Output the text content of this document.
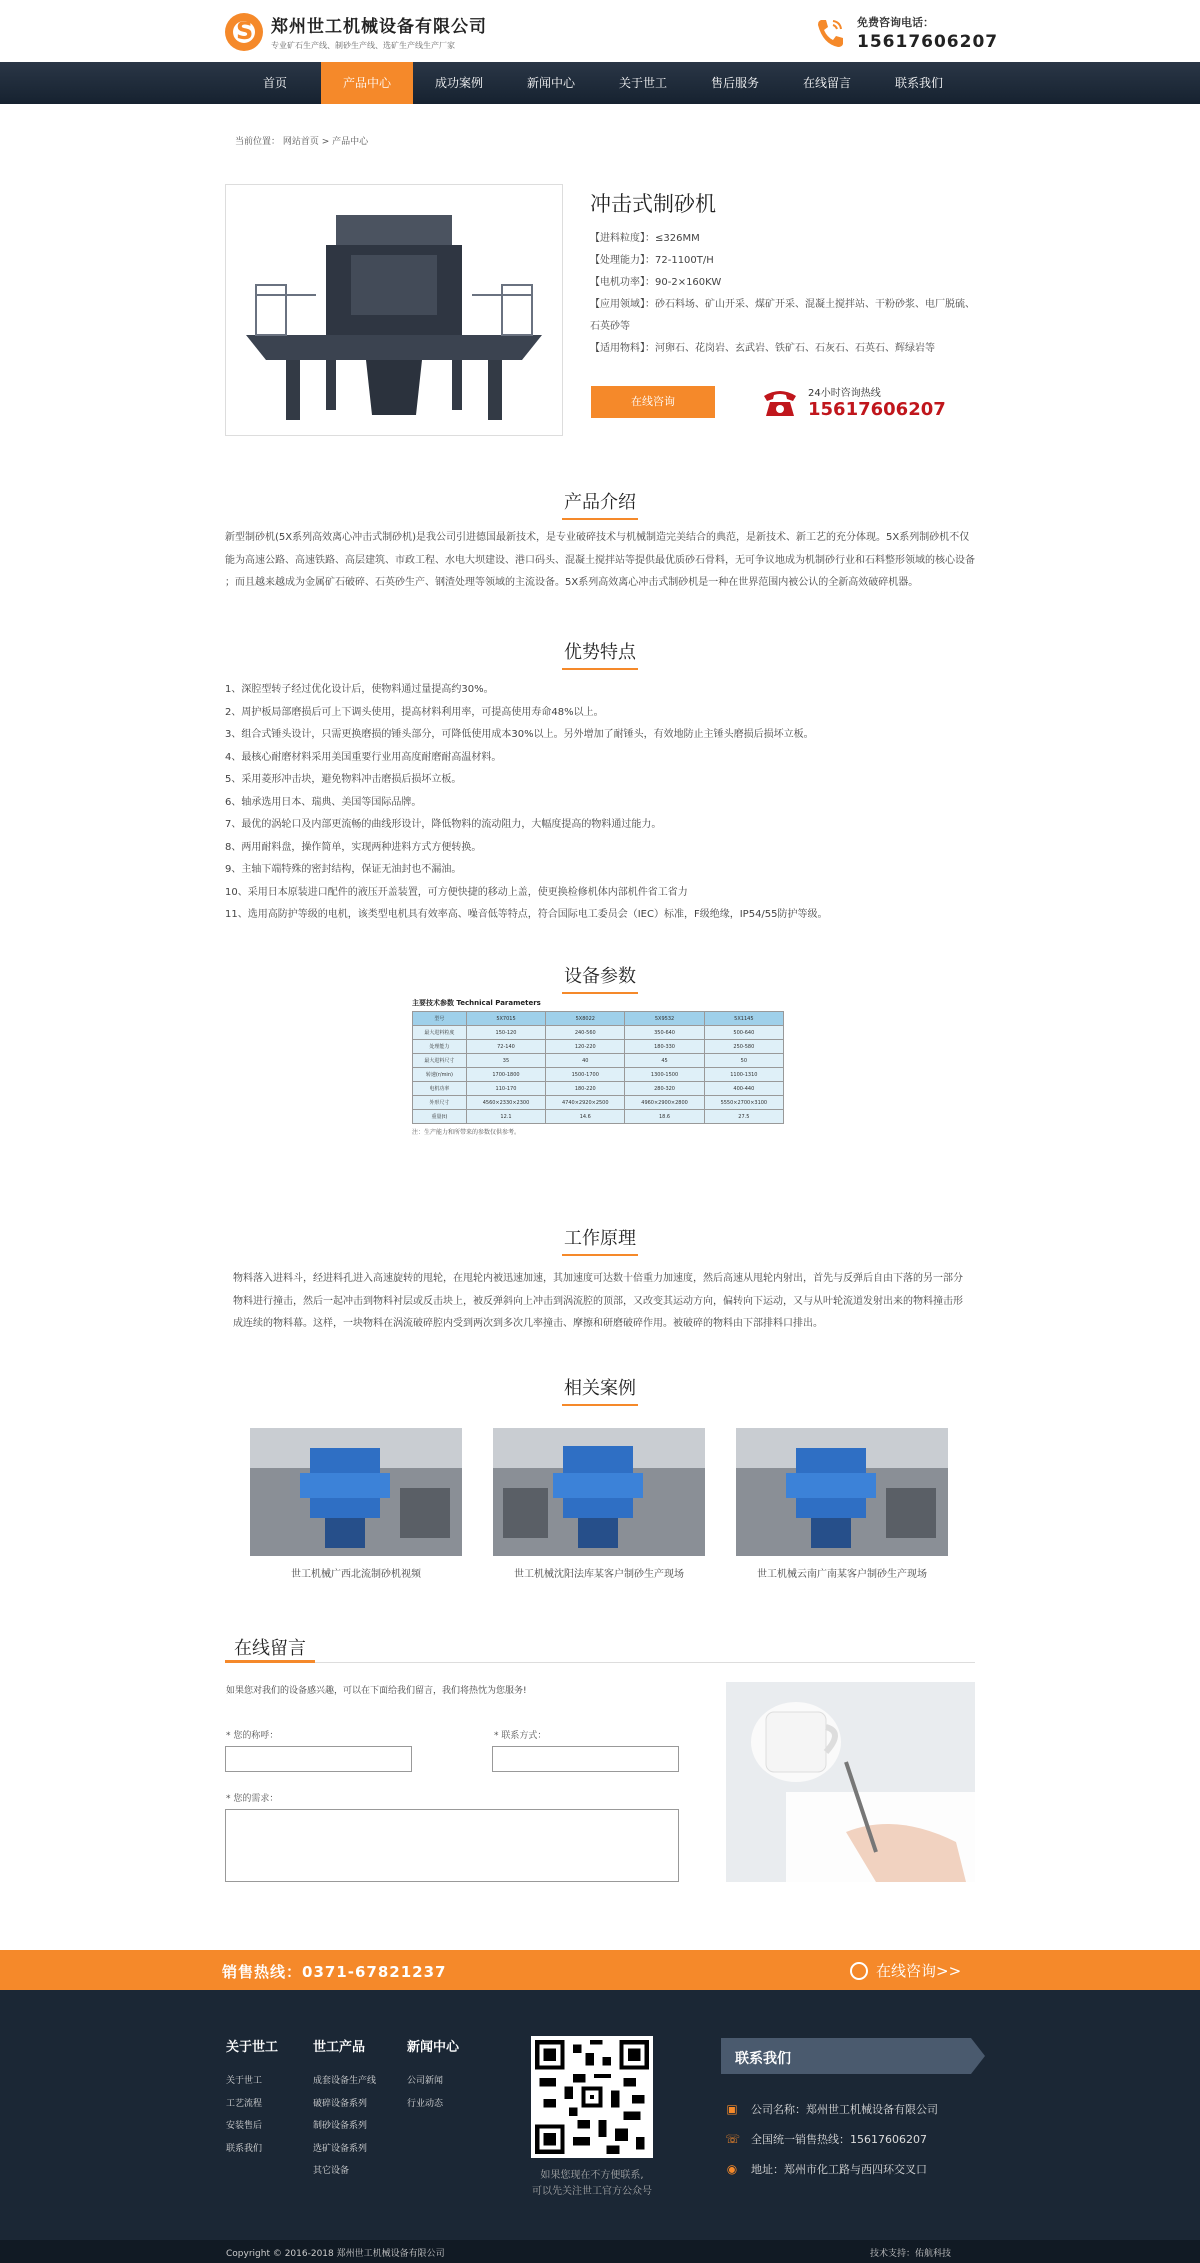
S
郑州世工机械设备有限公司
专业矿石生产线、制砂生产线、选矿生产线生产厂家
免费咨询电话：
15617606207
首页	产品中心	成功案例	新闻中心	关于世工	售后服务	在线留言	联系我们
当前位置： 网站首页 > 产品中心
冲击式制砂机
【进料粒度】：≤326MM
【处理能力】：72-1100T/H
【电机功率】：90-2×160KW
【应用领域】：砂石料场、矿山开采、煤矿开采、混凝土搅拌站、干粉砂浆、电厂脱硫、
石英砂等
【适用物料】：河卵石、花岗岩、玄武岩、铁矿石、石灰石、石英石、辉绿岩等
在线咨询
24小时咨询热线
15617606207
产品介绍
新型制砂机(5X系列高效离心冲击式制砂机)是我公司引进德国最新技术，是专业破碎技术与机械制造完美结合的典范，是新技术、新工艺的充分体现。5X系列制砂机不仅
能为高速公路、高速铁路、高层建筑、市政工程、水电大坝建设、港口码头、混凝土搅拌站等提供最优质砂石骨料，无可争议地成为机制砂行业和石料整形领域的核心设备
；而且越来越成为金属矿石破碎、石英砂生产、钢渣处理等领域的主流设备。5X系列高效离心冲击式制砂机是一种在世界范围内被公认的全新高效破碎机器。
优势特点
1、深腔型转子经过优化设计后，使物料通过量提高约30%。
2、周护板局部磨损后可上下调头使用，提高材料利用率，可提高使用寿命48%以上。
3、组合式锤头设计，只需更换磨损的锤头部分，可降低使用成本30%以上。另外增加了耐锤头，有效地防止主锤头磨损后损坏立板。
4、最核心耐磨材料采用美国重要行业用高度耐磨耐高温材料。
5、采用菱形冲击块，避免物料冲击磨损后损坏立板。
6、轴承选用日本、瑞典、美国等国际品牌。
7、最优的涡轮口及内部更流畅的曲线形设计，降低物料的流动阻力，大幅度提高的物料通过能力。
8、两用耐料盘，操作简单，实现两种进料方式方便转换。
9、主轴下端特殊的密封结构，保证无油封也不漏油。
10、采用日本原装进口配件的液压开盖装置，可方便快捷的移动上盖，使更换检修机体内部机件省工省力
11、选用高防护等级的电机，该类型电机具有效率高、噪音低等特点，符合国际电工委员会（IEC）标准，F级绝缘，IP54/55防护等级。
设备参数
主要技术参数 Technical Parameters
型号	5X7015	5X8022	5X9532	5X1145
最大进料粒度	150-120	240-560	350-640	500-640
处理能力	72-140	120-220	180-330	250-580
最大进料尺寸	35	40	45	50
转速(r/min)	1700-1800	1500-1700	1300-1500	1100-1310
电机功率	110-170	180-220	280-320	400-440
外形尺寸	4560×2330×2300	4740×2920×2500	4960×2900×2800	5550×2700×3100
重量(t)	12.1	14.6	18.6	27.5
注：生产能力和所带来的参数仅供参考。
工作原理
物料落入进料斗，经进料孔进入高速旋转的甩轮，在甩轮内被迅速加速，其加速度可达数十倍重力加速度，然后高速从甩轮内射出，首先与反弹后自由下落的另一部分
物料进行撞击，然后一起冲击到物料衬层或反击块上，被反弹斜向上冲击到涡流腔的顶部，又改变其运动方向，偏转向下运动，又与从叶轮流道发射出来的物料撞击形
成连续的物料幕。这样，一块物料在涡流破碎腔内受到两次到多次几率撞击、摩擦和研磨破碎作用。被破碎的物料由下部排料口排出。
相关案例
世工机械广西北流制砂机视频	世工机械沈阳法库某客户制砂生产现场	世工机械云南广南某客户制砂生产现场
在线留言
如果您对我们的设备感兴趣，可以在下面给我们留言，我们将热忱为您服务!
* 您的称呼：	* 联系方式：
* 您的需求：
销售热线：0371-67821237	在线咨询>>
关于世工
关于世工
工艺流程
安装售后
联系我们
世工产品
成套设备生产线
破碎设备系列
制砂设备系列
选矿设备系列
其它设备
新闻中心
公司新闻
行业动态
如果您现在不方便联系,
可以先关注世工官方公众号
联系我们
▣ 公司名称：郑州世工机械设备有限公司
☏ 全国统一销售热线：15617606207
◉ 地址：郑州市化工路与西四环交叉口
Copyright © 2016-2018 郑州世工机械设备有限公司	技术支持：佑航科技
